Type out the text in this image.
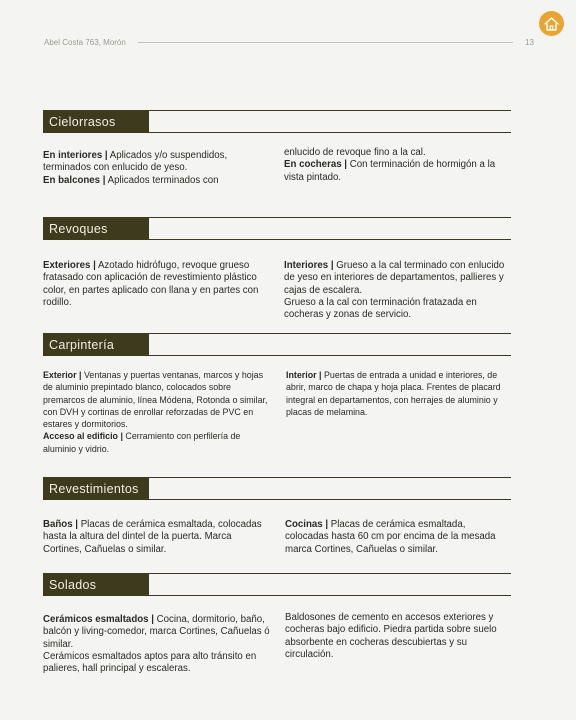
Abel Costa 763, Morón	13
Cielorrasos

En interiores | Aplicados y/o suspendidos, terminados con enlucido de yeso.

En balcones | Aplicados terminados con

enlucido de revoque fino a la cal.

En cocheras | Con terminación de hormigón a la vista pintado.

Revoques

Exteriores | Azotado hidrófugo, revoque grueso fratasado con aplicación de revestimiento plástico color, en partes aplicado con llana y en partes con rodillo.

Interiores | Grueso a la cal terminado con enlucido de yeso en interiores de departamentos, pallieres y cajas de escalera.

Grueso a la cal con terminación fratazada en cocheras y zonas de servicio.

Carpintería

Exterior | Ventanas y puertas ventanas, marcos y hojas de aluminio prepintado blanco, colocados sobre premarcos de aluminio, línea Módena, Rotonda o similar, con DVH y cortinas de enrollar reforzadas de PVC en estares y dormitorios.

Acceso al edificio | Cerramiento con perfilería de aluminio y vidrio.

Interior | Puertas de entrada a unidad e interiores, de abrir, marco de chapa y hoja placa. Frentes de placard integral en departamentos, con herrajes de aluminio y placas de melamina.

Revestimientos

Baños | Placas de cerámica esmaltada, colocadas hasta la altura del dintel de la puerta. Marca Cortines, Cañuelas o similar.

Cocinas | Placas de cerámica esmaltada, colocadas hasta 60 cm por encima de la mesada marca Cortines, Cañuelas o similar.

Solados

Cerámicos esmaltados | Cocina, dormitorio, baño, balcón y living-comedor, marca Cortines, Cañuelas ó similar.

Cerámicos esmaltados aptos para alto tránsito en palieres, hall principal y escaleras.

Baldosones de cemento en accesos exteriores y cocheras bajo edificio. Piedra partida sobre suelo absorbente en cocheras descubiertas y su circulación.
